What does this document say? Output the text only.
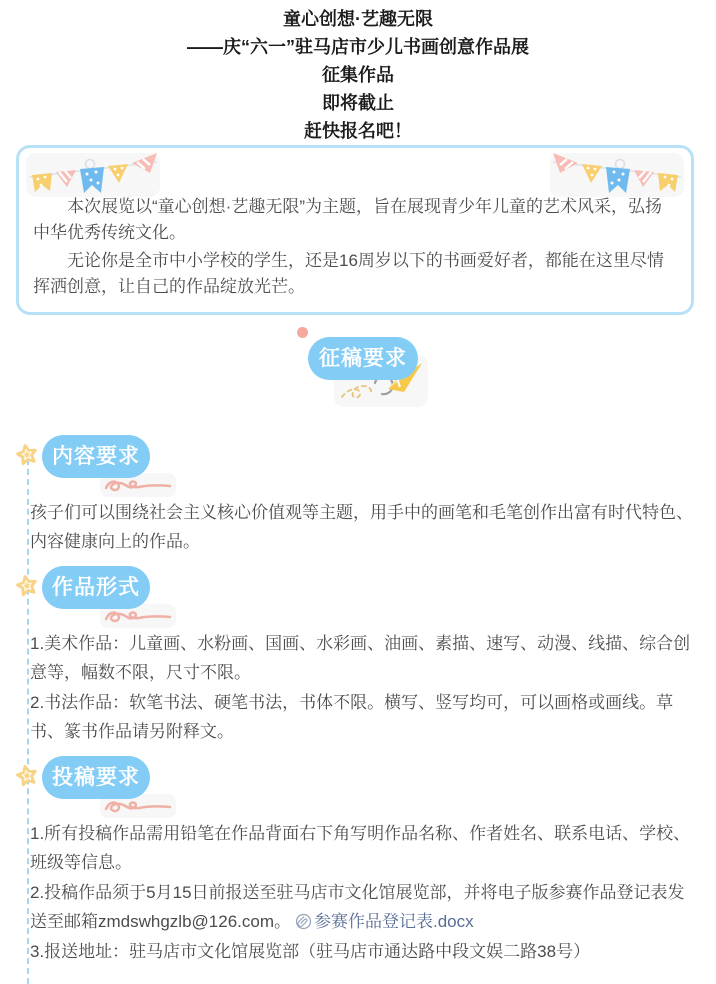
童心创想·艺趣无限
——庆“六一”驻马店市少儿书画创意作品展
征集作品
即将截止
赶快报名吧！

本次展览以“童心创想·艺趣无限”为主题，旨在展现青少年儿童的艺术风采，弘扬中华优秀传统文化。

无论你是全市中小学校的学生，还是16周岁以下的书画爱好者，都能在这里尽情挥洒创意，让自己的作品绽放光芒。

征稿要求
内容要求

孩子们可以围绕社会主义核心价值观等主题，用手中的画笔和毛笔创作出富有时代特色、内容健康向上的作品。

作品形式

1.美术作品：儿童画、水粉画、国画、水彩画、油画、素描、速写、动漫、线描、综合创意等，幅数不限，尺寸不限。

2.书法作品：软笔书法、硬笔书法，书体不限。横写、竖写均可，可以画格或画线。草书、篆书作品请另附释文。

投稿要求

1.所有投稿作品需用铅笔在作品背面右下角写明作品名称、作者姓名、联系电话、学校、班级等信息。

2.投稿作品须于5月15日前报送至驻马店市文化馆展览部，并将电子版参赛作品登记表发送至邮箱zmdswhgzlb@126.com。 参赛作品登记表.docx

3.报送地址：驻马店市文化馆展览部（驻马店市通达路中段文娱二路38号）
